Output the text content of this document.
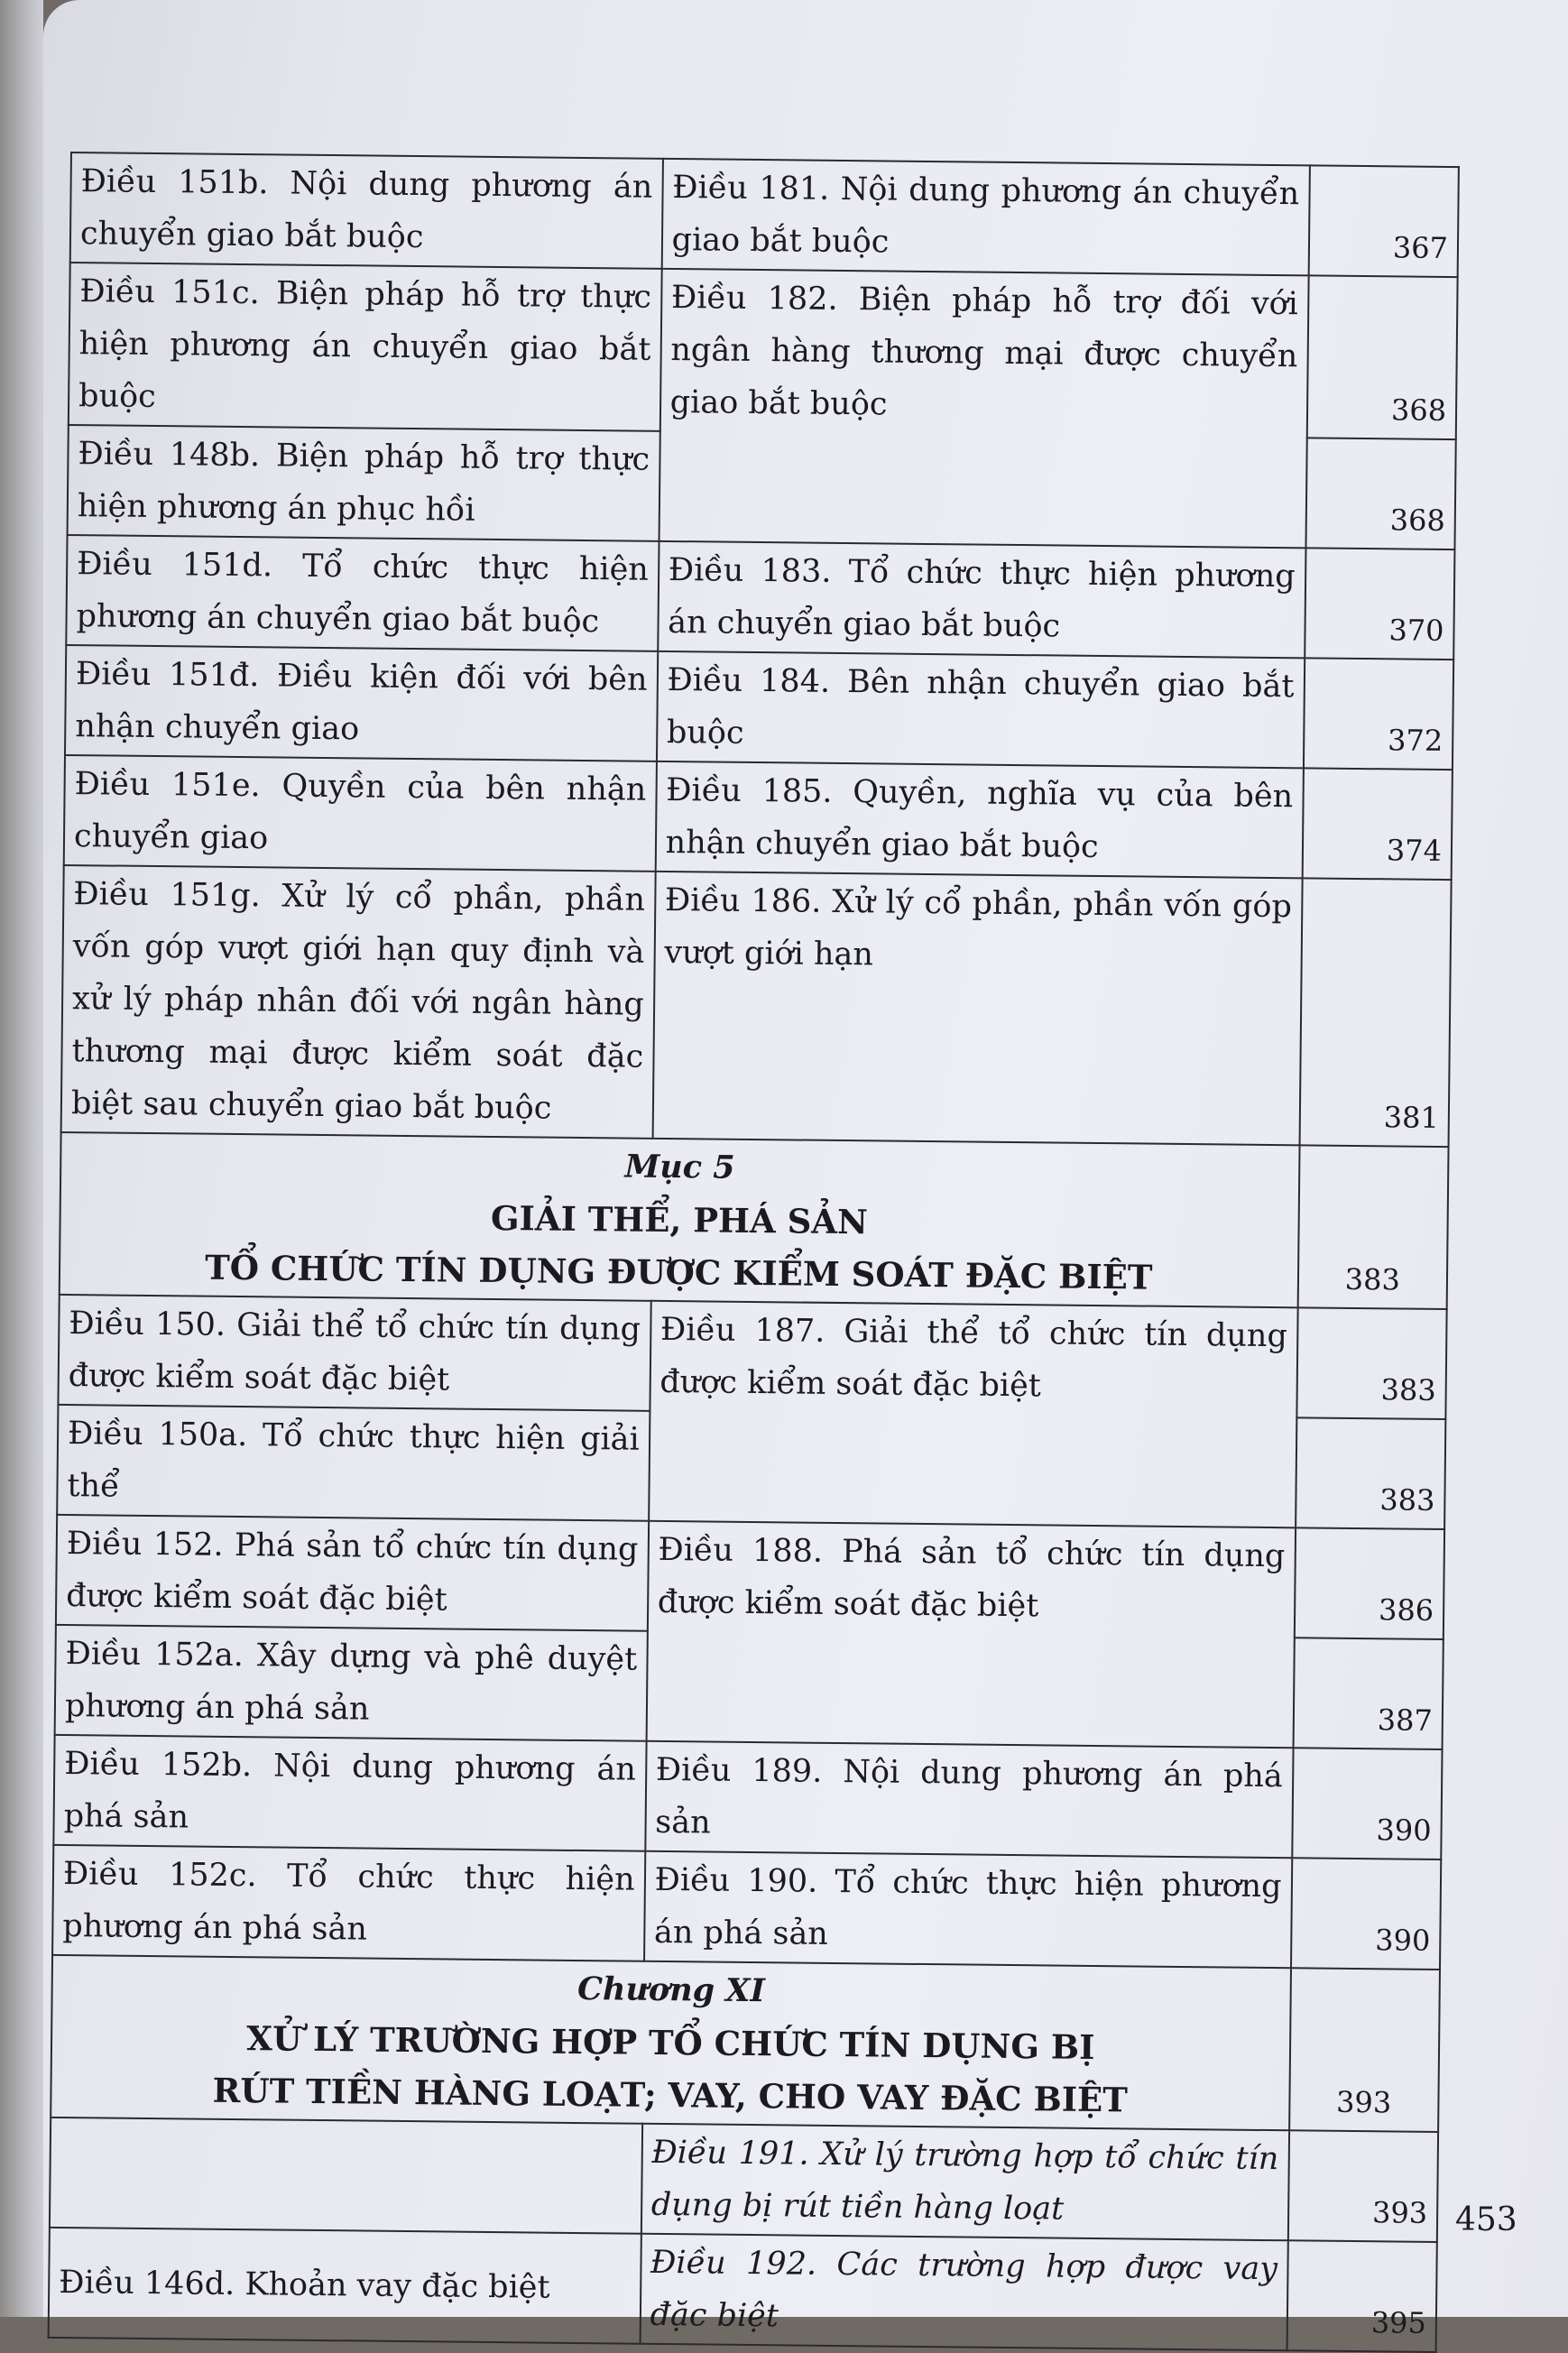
Điều 151b. Nội dung phương án chuyển giao bắt buộc	Điều 181. Nội dung phương án chuyển giao bắt buộc	367
Điều 151c. Biện pháp hỗ trợ thực hiện phương án chuyển giao bắt buộc	Điều 182. Biện pháp hỗ trợ đối với ngân hàng thương mại được chuyển giao bắt buộc	368
Điều 148b. Biện pháp hỗ trợ thực hiện phương án phục hồi		368
Điều 151d. Tổ chức thực hiện phương án chuyển giao bắt buộc	Điều 183. Tổ chức thực hiện phương án chuyển giao bắt buộc	370
Điều 151đ. Điều kiện đối với bên nhận chuyển giao	Điều 184. Bên nhận chuyển giao bắt buộc	372
Điều 151e. Quyền của bên nhận chuyển giao	Điều 185. Quyền, nghĩa vụ của bên nhận chuyển giao bắt buộc	374
Điều 151g. Xử lý cổ phần, phần vốn góp vượt giới hạn quy định và xử lý pháp nhân đối với ngân hàng thương mại được kiểm soát đặc biệt sau chuyển giao bắt buộc	Điều 186. Xử lý cổ phần, phần vốn góp vượt giới hạn	381

Mục 5
GIẢI THỂ, PHÁ SẢN
TỔ CHỨC TÍN DỤNG ĐƯỢC KIỂM SOÁT ĐẶC BIỆT		383
Điều 150. Giải thể tổ chức tín dụng được kiểm soát đặc biệt	Điều 187. Giải thể tổ chức tín dụng được kiểm soát đặc biệt	383
Điều 150a. Tổ chức thực hiện giải thể		383
Điều 152. Phá sản tổ chức tín dụng được kiểm soát đặc biệt	Điều 188. Phá sản tổ chức tín dụng được kiểm soát đặc biệt	386
Điều 152a. Xây dựng và phê duyệt phương án phá sản		387
Điều 152b. Nội dung phương án phá sản	Điều 189. Nội dung phương án phá sản	390
Điều 152c. Tổ chức thực hiện phương án phá sản	Điều 190. Tổ chức thực hiện phương án phá sản	390

Chương XI
XỬ LÝ TRƯỜNG HỢP TỔ CHỨC TÍN DỤNG BỊ
RÚT TIỀN HÀNG LOẠT; VAY, CHO VAY ĐẶC BIỆT		393
	Điều 191. Xử lý trường hợp tổ chức tín dụng bị rút tiền hàng loạt	393
Điều 146d. Khoản vay đặc biệt	Điều 192. Các trường hợp được vay đặc biệt	395
453
